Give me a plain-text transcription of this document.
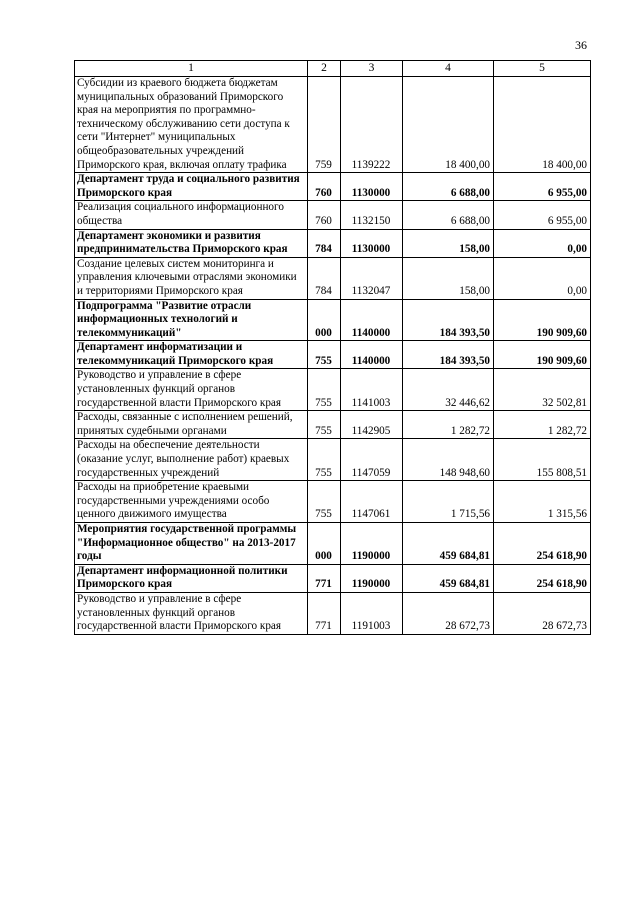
36
1	2	3	4	5
Субсидии из краевого бюджета бюджетам муниципальных образований Приморского края на мероприятия по программно-техническому обслуживанию сети доступа к сети "Интернет" муниципальных общеобразовательных учреждений Приморского края, включая оплату трафика	759	1139222	18 400,00	18 400,00
Департамент труда и социального развития Приморского края	760	1130000	6 688,00	6 955,00
Реализация социального информационного общества	760	1132150	6 688,00	6 955,00
Департамент экономики и развития предпринимательства Приморского края	784	1130000	158,00	0,00
Создание целевых систем мониторинга и управления ключевыми отраслями экономики и территориями Приморского края	784	1132047	158,00	0,00
Подпрограмма "Развитие отрасли информационных технологий и телекоммуникаций"	000	1140000	184 393,50	190 909,60
Департамент информатизации и телекоммуникаций Приморского края	755	1140000	184 393,50	190 909,60
Руководство и управление в сфере установленных функций органов государственной власти Приморского края	755	1141003	32 446,62	32 502,81
Расходы, связанные с исполнением решений, принятых судебными органами	755	1142905	1 282,72	1 282,72
Расходы на обеспечение деятельности (оказание услуг, выполнение работ) краевых государственных учреждений	755	1147059	148 948,60	155 808,51
Расходы на приобретение краевыми государственными учреждениями особо ценного движимого имущества	755	1147061	1 715,56	1 315,56
Мероприятия государственной программы "Информационное общество" на 2013-2017 годы	000	1190000	459 684,81	254 618,90
Департамент информационной политики Приморского края	771	1190000	459 684,81	254 618,90
Руководство и управление в сфере установленных функций органов государственной власти Приморского края	771	1191003	28 672,73	28 672,73
